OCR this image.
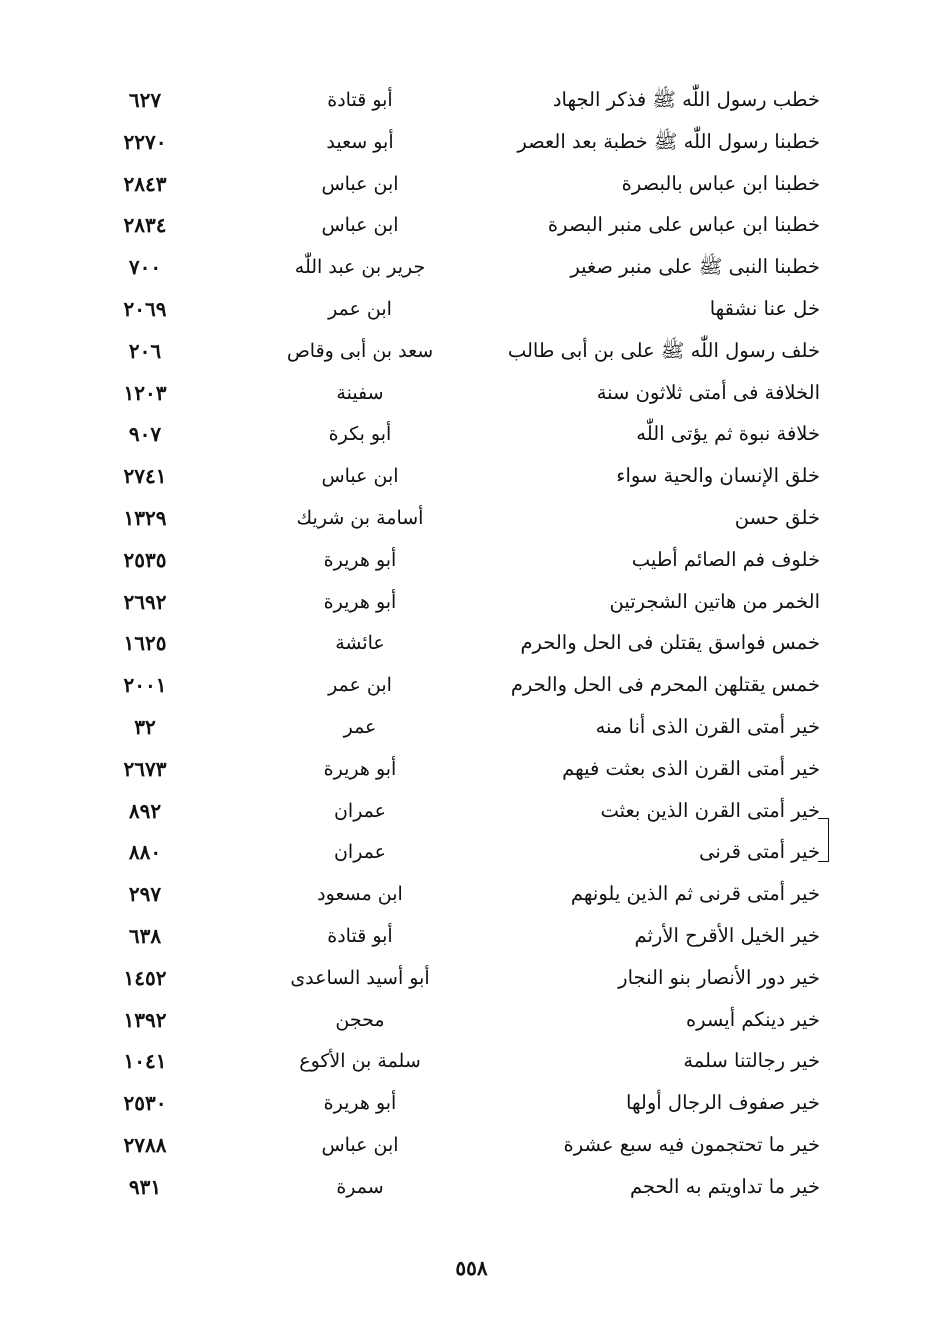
خطب رسول اللّٰه ﷺ فذكر الجهاد
أبو قتادة
٦٢٧
خطبنا رسول اللّٰه ﷺ خطبة بعد العصر
أبو سعيد
٢٢٧٠
خطبنا ابن عباس بالبصرة
ابن عباس
٢٨٤٣
خطبنا ابن عباس على منبر البصرة
ابن عباس
٢٨٣٤
خطبنا النبى ﷺ على منبر صغير
جرير بن عبد اللّٰه
٧٠٠
خل عنا نشقها
ابن عمر
٢٠٦٩
خلف رسول اللّٰه ﷺ على بن أبى طالب
سعد بن أبى وقاص
٢٠٦
الخلافة فى أمتى ثلاثون سنة
سفينة
١٢٠٣
خلافة نبوة ثم يؤتى اللّٰه
أبو بكرة
٩٠٧
خلق الإنسان والحية سواء
ابن عباس
٢٧٤١
خلق حسن
أسامة بن شريك
١٣٢٩
خلوف فم الصائم أطيب
أبو هريرة
٢٥٣٥
الخمر من هاتين الشجرتين
أبو هريرة
٢٦٩٢
خمس فواسق يقتلن فى الحل والحرم
عائشة
١٦٢٥
خمس يقتلهن المحرم فى الحل والحرم
ابن عمر
٢٠٠١
خير أمتى القرن الذى أنا منه
عمر
٣٢
خير أمتى القرن الذى بعثت فيهم
أبو هريرة
٢٦٧٣
خير أمتى القرن الذين بعثت
عمران
٨٩٢
خير أمتى قرنى
عمران
٨٨٠
خير أمتى قرنى ثم الذين يلونهم
ابن مسعود
٢٩٧
خير الخيل الأقرح الأرثم
أبو قتادة
٦٣٨
خير دور الأنصار بنو النجار
أبو أسيد الساعدى
١٤٥٢
خير دينكم أيسره
محجن
١٣٩٢
خير رجالتنا سلمة
سلمة بن الأكوع
١٠٤١
خير صفوف الرجال أولها
أبو هريرة
٢٥٣٠
خير ما تحتجمون فيه سبع عشرة
ابن عباس
٢٧٨٨
خير ما تداويتم به الحجم
سمرة
٩٣١
٥٥٨
